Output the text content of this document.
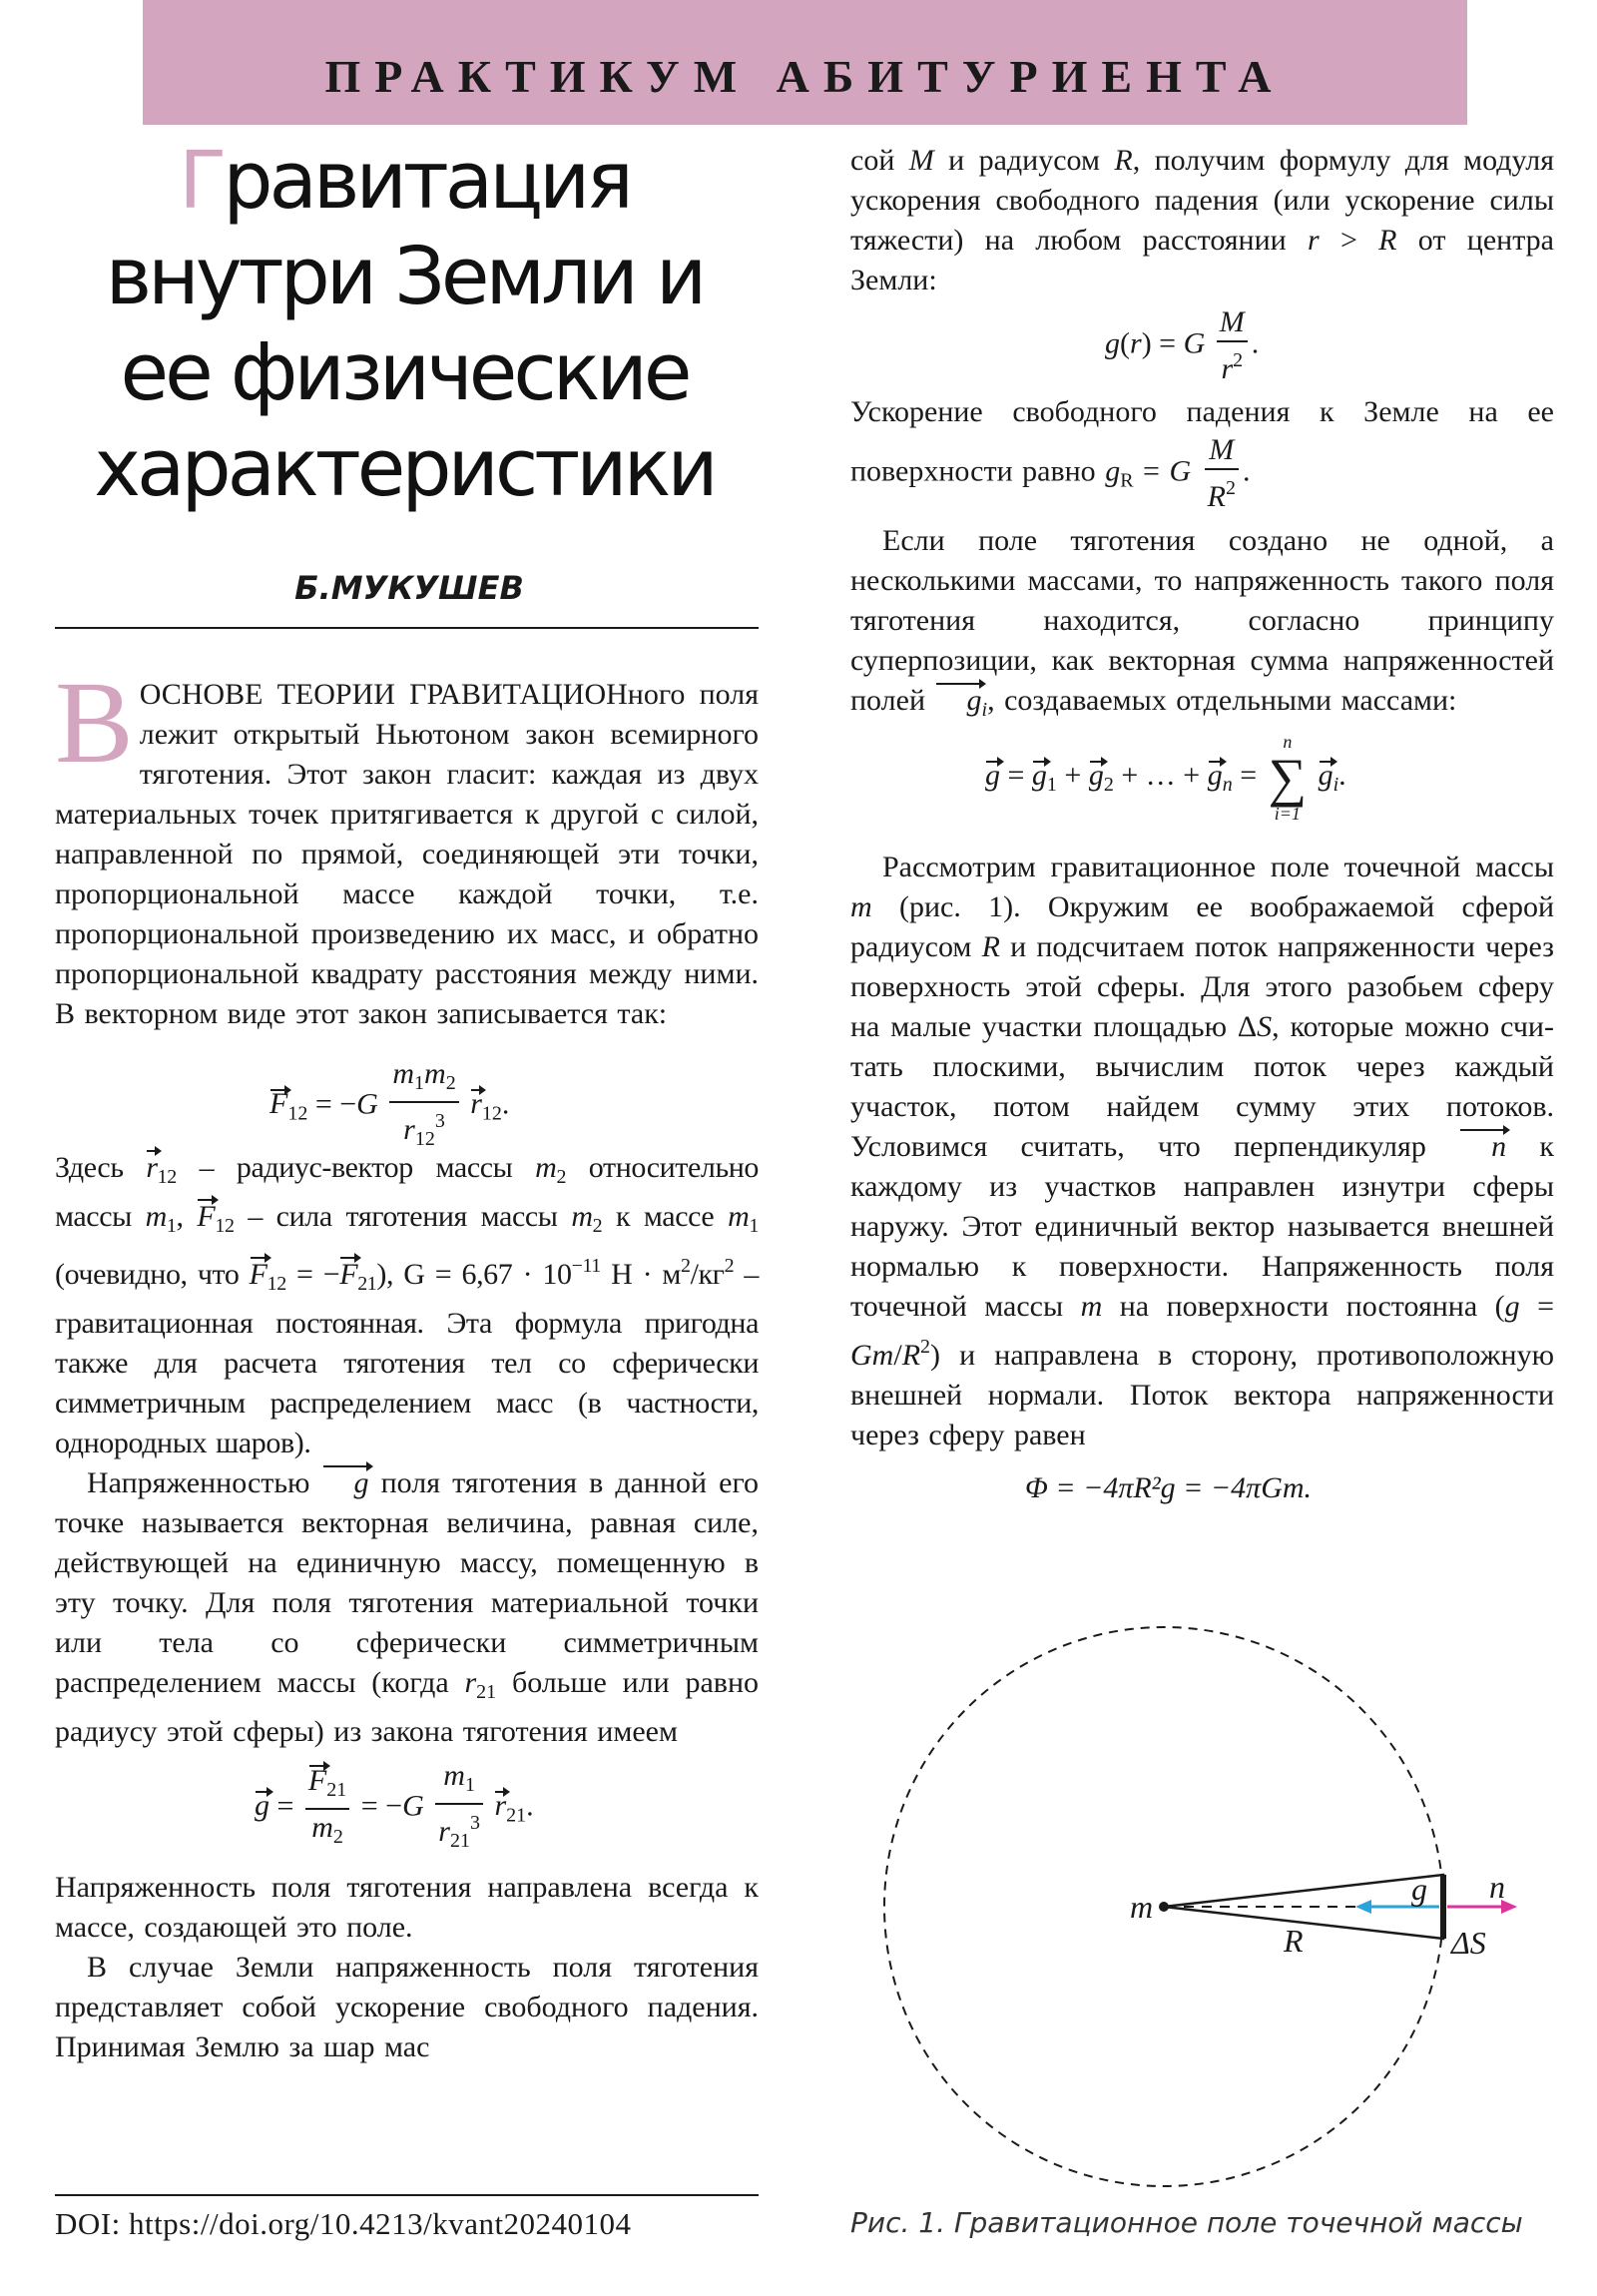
ПРАКТИКУМ АБИТУРИЕНТА
Гравитация
внутри Земли и
ее физические
характеристики
Б.МУКУШЕВ

ВОСНОВЕ ТЕОРИИ ГРАВИТАЦИОНного поля лежит открытый Ньютоном закон всемирного тяготения. Этот закон гласит: каждая из двух материальных точек притягивается к другой с силой, направленной по прямой, соединяющей эти точки, пропорциональной массе каждой точки, т.е. пропорциональной произведению их масс, и обратно пропорциональной квадрату расстояния между ними. В векторном виде этот закон записывается так:

$F_{12} = -G \frac{m_1m_2}{r_{12}^3} r_{12}$.

Здесь $r_{12}$ – радиус-вектор массы $m_2$ относительно массы $m_1$, $F_{12}$ – сила тяготения массы $m_2$ к массе $m_1$ (очевидно, что $F_{12} = -F_{21}$), $G = 6,67 \cdot 10^{-11}$ $Н \cdot м^2/кг^2$ – гравитационная постоянная. Эта формула пригодна также для расчета тяготения тел со сферически симметричным распределением масс (в частности, однородных шаров).

Напряженностью g поля тяготения в данной его точке называется векторная величина, равная силе, действующей на единичную массу, помещенную в эту точку. Для поля тяготения материальной точки или тела со сферически симметричным распределением массы (когда $r_{21}$ больше или равно радиусу этой сферы) из закона тяготения имеем

$g = \frac{F_{21}}{m_2} = -G \frac{m_1}{r_{21}^3} r_{21}$.

Напряженность поля тяготения направлена всегда к массе, создающей это поле.

В случае Земли напряженность поля тяготения представляет собой ускорение свободного падения. Принимая Землю за шар мас

DOI: https://doi.org/10.4213/kvant20240104

сой M и радиусом R, получим формулу для модуля ускорения свободного падения (или ускорение силы тяжести) на любом расстоянии r > R от центра Земли:

g(r) = G $\frac{M}{r^2}$ .

Ускорение свободного падения к Земле на ее поверхности равно $g_R = G \frac{M}{R^2}$ .

Если поле тяготения создано не одной, а несколькими массами, то напряженность такого поля тяготения находится, согласно принципу суперпозиции, как векторная сумма напряженностей полей $g_i$, создаваемых отдельными массами:

$g = g_1 + g_2$ + … + $g_n$ =
n
∑
i=1
$g_i$.

Рассмотрим гравитационное поле точечной массы m (рис. 1). Окружим ее воображаемой сферой радиусом R и подсчитаем поток напряженности через поверхность этой сферы. Для этого разобьем сферу на малые участки площадью ΔS, которые можно считать плоскими, вычислим поток через каждый участок, потом найдем сумму этих потоков. Условимся считать, что перпендикуляр n к каждому из участков направлен изнутри сферы наружу. Этот единичный вектор называется внешней нормалью к поверхности. Напряженность поля точечной массы m на поверхности постоянна $(g = Gm/R^2)$ и направлена в сторону, противоположную внешней нормали. Поток вектора напряженности через сферу равен

Φ = −4πR²g = −4πGm.
m	g n
R	ΔS
Рис. 1. Гравитационное поле точечной массы
